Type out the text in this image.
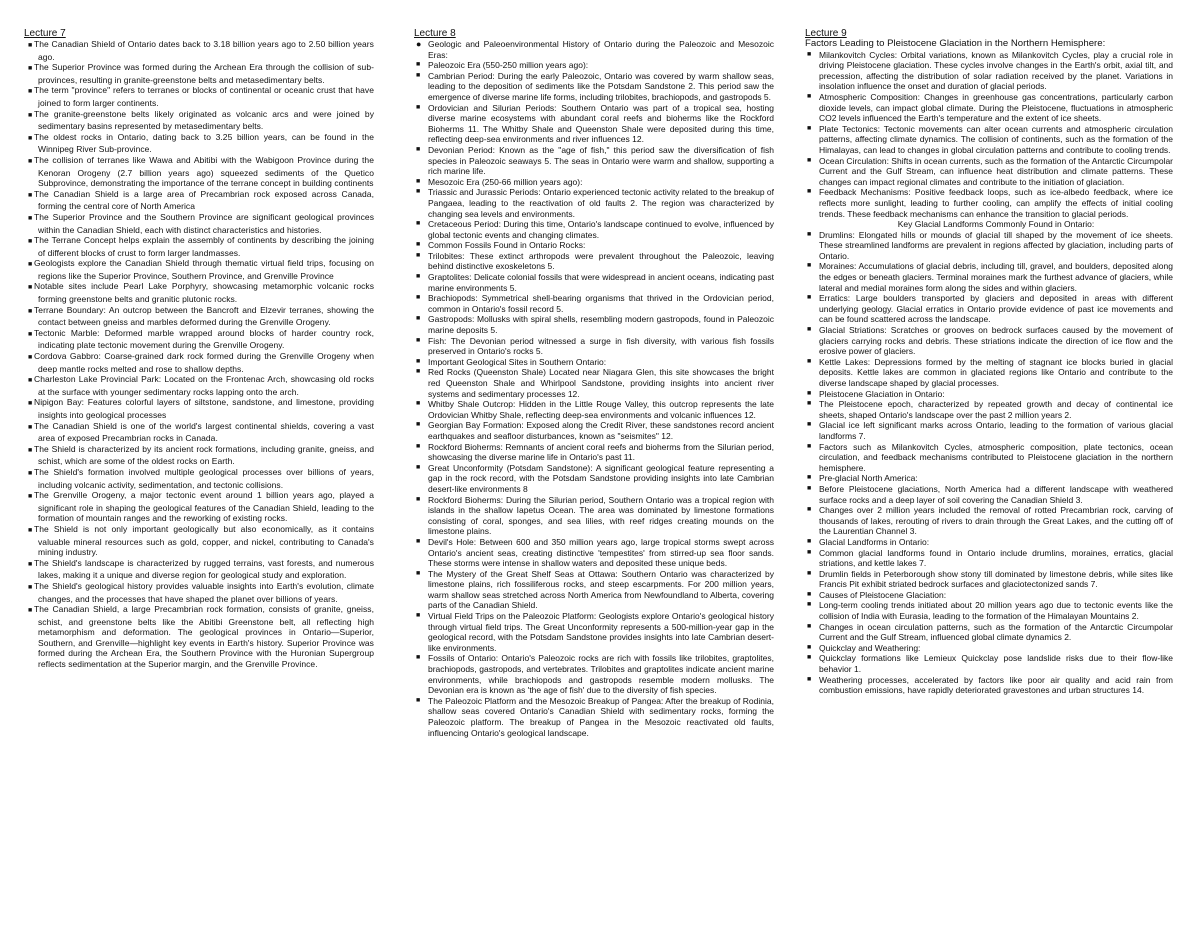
Lecture 7
■ The Canadian Shield of Ontario dates back to 3.18 billion years ago to 2.50 billion years ago.
■ The Superior Province was formed during the Archean Era through the collision of sub-provinces, resulting in granite-greenstone belts and metasedimentary belts.
■ The term "province" refers to terranes or blocks of continental or oceanic crust that have joined to form larger continents.
■ The granite-greenstone belts likely originated as volcanic arcs and were joined by sedimentary basins represented by metasedimentary belts.
■ The oldest rocks in Ontario, dating back to 3.25 billion years, can be found in the Winnipeg River Sub-province.
■ The collision of terranes like Wawa and Abitibi with the Wabigoon Province during the Kenoran Orogeny (2.7 billion years ago) squeezed sediments of the Quetico Subprovince, demonstrating the importance of the terrane concept in building continents
■ The Canadian Shield is a large area of Precambrian rock exposed across Canada, forming the central core of North America
■ The Superior Province and the Southern Province are significant geological provinces within the Canadian Shield, each with distinct characteristics and histories.
■ The Terrane Concept helps explain the assembly of continents by describing the joining of different blocks of crust to form larger landmasses.
■ Geologists explore the Canadian Shield through thematic virtual field trips, focusing on regions like the Superior Province, Southern Province, and Grenville Province
■ Notable sites include Pearl Lake Porphyry, showcasing metamorphic volcanic rocks forming greenstone belts and granitic plutonic rocks.
■ Terrane Boundary: An outcrop between the Bancroft and Elzevir terranes, showing the contact between gneiss and marbles deformed during the Grenville Orogeny.
■ Tectonic Marble: Deformed marble wrapped around blocks of harder country rock, indicating plate tectonic movement during the Grenville Orogeny.
■ Cordova Gabbro: Coarse-grained dark rock formed during the Grenville Orogeny when deep mantle rocks melted and rose to shallow depths.
■ Charleston Lake Provincial Park: Located on the Frontenac Arch, showcasing old rocks at the surface with younger sedimentary rocks lapping onto the arch.
■ Nipigon Bay: Features colorful layers of siltstone, sandstone, and limestone, providing insights into geological processes
■ The Canadian Shield is one of the world's largest continental shields, covering a vast area of exposed Precambrian rocks in Canada.
■ The Shield is characterized by its ancient rock formations, including granite, gneiss, and schist, which are some of the oldest rocks on Earth.
■ The Shield's formation involved multiple geological processes over billions of years, including volcanic activity, sedimentation, and tectonic collisions.
■ The Grenville Orogeny, a major tectonic event around 1 billion years ago, played a significant role in shaping the geological features of the Canadian Shield, leading to the formation of mountain ranges and the reworking of existing rocks.
■ The Shield is not only important geologically but also economically, as it contains valuable mineral resources such as gold, copper, and nickel, contributing to Canada's mining industry.
■ The Shield's landscape is characterized by rugged terrains, vast forests, and numerous lakes, making it a unique and diverse region for geological study and exploration.
■ The Shield's geological history provides valuable insights into Earth's evolution, climate changes, and the processes that have shaped the planet over billions of years.
■ The Canadian Shield, a large Precambrian rock formation, consists of granite, gneiss, schist, and greenstone belts like the Abitibi Greenstone belt, all reflecting high metamorphism and deformation. The geological provinces in Ontario—Superior, Southern, and Grenville—highlight key events in Earth's history. Superior Province was formed during the Archean Era, the Southern Province with the Huronian Supergroup reflects sedimentation at the Superior margin, and the Grenville Province.
Lecture 8
● Geologic and Paleoenvironmental History of Ontario during the Paleozoic and Mesozoic Eras:
■ Paleozoic Era (550-250 million years ago):
■ Cambrian Period: During the early Paleozoic, Ontario was covered by warm shallow seas, leading to the deposition of sediments like the Potsdam Sandstone 2. This period saw the emergence of diverse marine life forms, including trilobites, brachiopods, and gastropods 5.
■ Ordovician and Silurian Periods: Southern Ontario was part of a tropical sea, hosting diverse marine ecosystems with abundant coral reefs and bioherms like the Rockford Bioherms 11. The Whitby Shale and Queenston Shale were deposited during this time, reflecting deep-sea environments and river influences 12.
■ Devonian Period: Known as the "age of fish," this period saw the diversification of fish species in Paleozoic seaways 5. The seas in Ontario were warm and shallow, supporting a rich marine life.
■ Mesozoic Era (250-66 million years ago):
■ Triassic and Jurassic Periods: Ontario experienced tectonic activity related to the breakup of Pangaea, leading to the reactivation of old faults 2. The region was characterized by changing sea levels and environments.
■ Cretaceous Period: During this time, Ontario's landscape continued to evolve, influenced by global tectonic events and changing climates.
■ Common Fossils Found in Ontario Rocks:
■ Trilobites: These extinct arthropods were prevalent throughout the Paleozoic, leaving behind distinctive exoskeletons 5.
■ Graptolites: Delicate colonial fossils that were widespread in ancient oceans, indicating past marine environments 5.
■ Brachiopods: Symmetrical shell-bearing organisms that thrived in the Ordovician period, common in Ontario's fossil record 5.
■ Gastropods: Mollusks with spiral shells, resembling modern gastropods, found in Paleozoic marine deposits 5.
■ Fish: The Devonian period witnessed a surge in fish diversity, with various fish fossils preserved in Ontario's rocks 5.
■ Important Geological Sites in Southern Ontario:
■ Red Rocks (Queenston Shale) Located near Niagara Glen, this site showcases the bright red Queenston Shale and Whirlpool Sandstone, providing insights into ancient river systems and sedimentary processes 12.
■ Whitby Shale Outcrop: Hidden in the Little Rouge Valley, this outcrop represents the late Ordovician Whitby Shale, reflecting deep-sea environments and volcanic influences 12.
■ Georgian Bay Formation: Exposed along the Credit River, these sandstones record ancient earthquakes and seafloor disturbances, known as "seismites" 12.
■ Rockford Bioherms: Remnants of ancient coral reefs and bioherms from the Silurian period, showcasing the diverse marine life in Ontario's past 11.
■ Great Unconformity (Potsdam Sandstone): A significant geological feature representing a gap in the rock record, with the Potsdam Sandstone providing insights into late Cambrian desert-like environments 8
■ Rockford Bioherms: During the Silurian period, Southern Ontario was a tropical region with islands in the shallow Iapetus Ocean. The area was dominated by limestone formations consisting of coral, sponges, and sea lilies, with reef ridges creating mounds on the limestone plains.
■ Devil's Hole: Between 600 and 350 million years ago, large tropical storms swept across Ontario's ancient seas, creating distinctive 'tempestites' from stirred-up sea floor sands. These storms were intense in shallow waters and deposited these unique beds.
■ The Mystery of the Great Shelf Seas at Ottawa: Southern Ontario was characterized by limestone plains, rich fossiliferous rocks, and steep escarpments. For 200 million years, warm shallow seas stretched across North America from Newfoundland to Alberta, covering parts of the Canadian Shield.
■ Virtual Field Trips on the Paleozoic Platform: Geologists explore Ontario's geological history through virtual field trips. The Great Unconformity represents a 500-million-year gap in the geological record, with the Potsdam Sandstone provides insights into late Cambrian desert-like environments.
■ Fossils of Ontario: Ontario's Paleozoic rocks are rich with fossils like trilobites, graptolites, brachiopods, gastropods, and vertebrates. Trilobites and graptolites indicate ancient marine environments, while brachiopods and gastropods resemble modern mollusks. The Devonian era is known as 'the age of fish' due to the diversity of fish species.
■ The Paleozoic Platform and the Mesozoic Breakup of Pangea: After the breakup of Rodinia, shallow seas covered Ontario's Canadian Shield with sedimentary rocks, forming the Paleozoic platform. The breakup of Pangea in the Mesozoic reactivated old faults, influencing Ontario's geological landscape.
Lecture 9

Factors Leading to Pleistocene Glaciation in the Northern Hemisphere:

■ Milankovitch Cycles: Orbital variations, known as Milankovitch Cycles, play a crucial role in driving Pleistocene glaciation. These cycles involve changes in the Earth's orbit, axial tilt, and precession, affecting the distribution of solar radiation received by the planet. Variations in insolation influence the onset and duration of glacial periods.
■ Atmospheric Composition: Changes in greenhouse gas concentrations, particularly carbon dioxide levels, can impact global climate. During the Pleistocene, fluctuations in atmospheric CO2 levels influenced the Earth's temperature and the extent of ice sheets.
■ Plate Tectonics: Tectonic movements can alter ocean currents and atmospheric circulation patterns, affecting climate dynamics. The collision of continents, such as the formation of the Himalayas, can lead to changes in global circulation patterns and contribute to cooling trends.
■ Ocean Circulation: Shifts in ocean currents, such as the formation of the Antarctic Circumpolar Current and the Gulf Stream, can influence heat distribution and climate patterns. These changes can impact regional climates and contribute to the initiation of glaciation.
■ Feedback Mechanisms: Positive feedback loops, such as ice-albedo feedback, where ice reflects more sunlight, leading to further cooling, can amplify the effects of initial cooling trends. These feedback mechanisms can enhance the transition to glacial periods.
Key Glacial Landforms Commonly Found in Ontario:
■ Drumlins: Elongated hills or mounds of glacial till shaped by the movement of ice sheets. These streamlined landforms are prevalent in regions affected by glaciation, including parts of Ontario.
■ Moraines: Accumulations of glacial debris, including till, gravel, and boulders, deposited along the edges or beneath glaciers. Terminal moraines mark the furthest advance of glaciers, while lateral and medial moraines form along the sides and within glaciers.
■ Erratics: Large boulders transported by glaciers and deposited in areas with different underlying geology. Glacial erratics in Ontario provide evidence of past ice movements and can be found scattered across the landscape.
■ Glacial Striations: Scratches or grooves on bedrock surfaces caused by the movement of glaciers carrying rocks and debris. These striations indicate the direction of ice flow and the erosive power of glaciers.
■ Kettle Lakes: Depressions formed by the melting of stagnant ice blocks buried in glacial deposits. Kettle lakes are common in glaciated regions like Ontario and contribute to the diverse landscape shaped by glacial processes.
■ Pleistocene Glaciation in Ontario:
■ The Pleistocene epoch, characterized by repeated growth and decay of continental ice sheets, shaped Ontario's landscape over the past 2 million years 2.
■ Glacial ice left significant marks across Ontario, leading to the formation of various glacial landforms 7.
■ Factors such as Milankovitch Cycles, atmospheric composition, plate tectonics, ocean circulation, and feedback mechanisms contributed to Pleistocene glaciation in the northern hemisphere.
■ Pre-glacial North America:
■ Before Pleistocene glaciations, North America had a different landscape with weathered surface rocks and a deep layer of soil covering the Canadian Shield 3.
■ Changes over 2 million years included the removal of rotted Precambrian rock, carving of thousands of lakes, rerouting of rivers to drain through the Great Lakes, and the cutting off of the Laurentian Channel 3.
■ Glacial Landforms in Ontario:
■ Common glacial landforms found in Ontario include drumlins, moraines, erratics, glacial striations, and kettle lakes 7.
■ Drumlin fields in Peterborough show stony till dominated by limestone debris, while sites like Francis Pit exhibit striated bedrock surfaces and glaciotectonized sands 7.
■ Causes of Pleistocene Glaciation:
■ Long-term cooling trends initiated about 20 million years ago due to tectonic events like the collision of India with Eurasia, leading to the formation of the Himalayan Mountains 2.
■ Changes in ocean circulation patterns, such as the formation of the Antarctic Circumpolar Current and the Gulf Stream, influenced global climate dynamics 2.
■ Quickclay and Weathering:
■ Quickclay formations like Lemieux Quickclay pose landslide risks due to their flow-like behavior 1.
■ Weathering processes, accelerated by factors like poor air quality and acid rain from combustion emissions, have rapidly deteriorated gravestones and urban structures 14.
